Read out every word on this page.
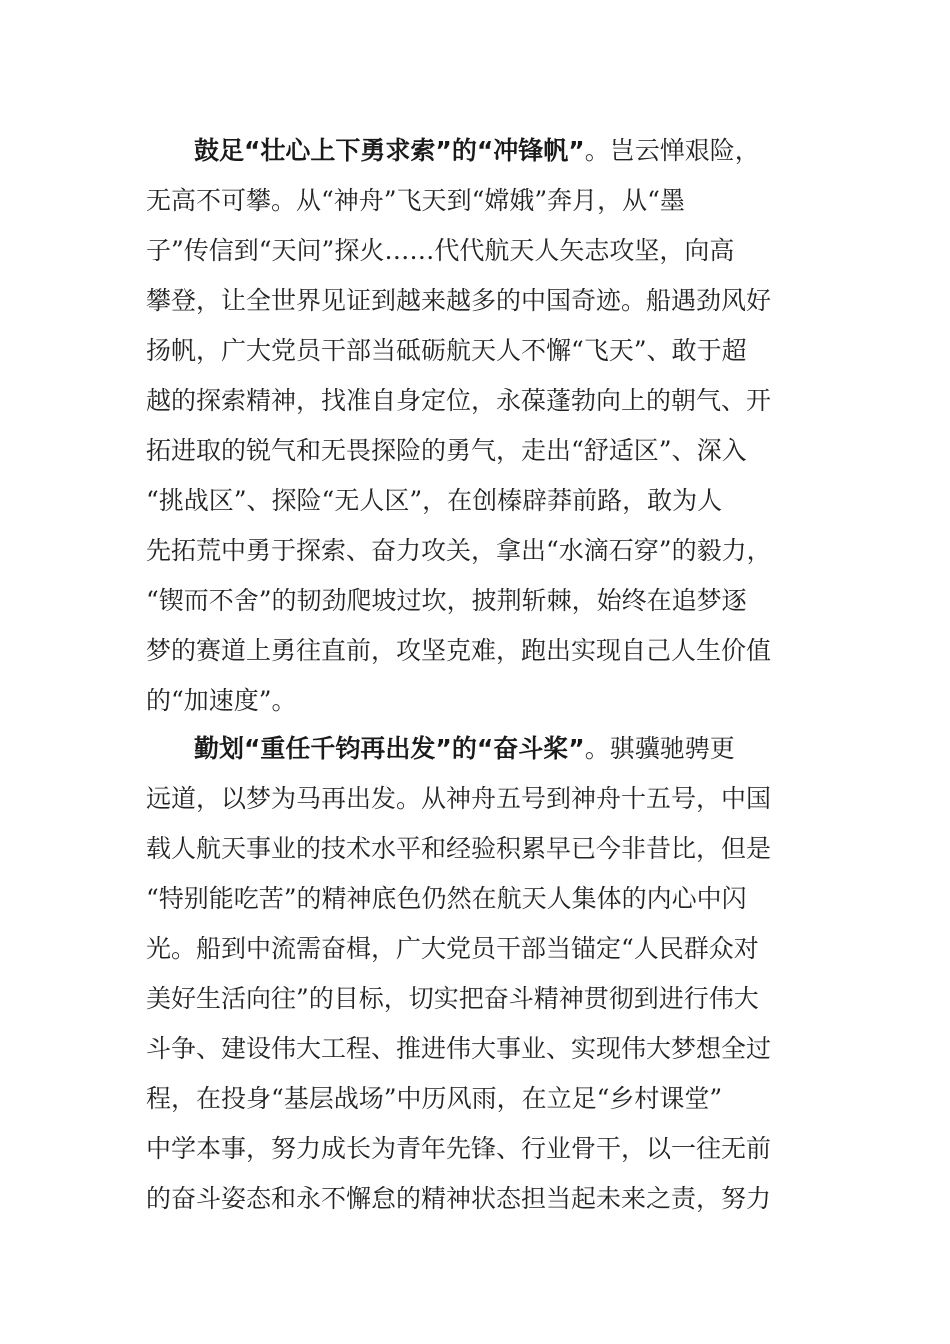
鼓足“壮心上下勇求索”的“冲锋帆”。岂云惮艰险，
无高不可攀。从“神舟”飞天到“嫦娥”奔月，从“墨
子”传信到“天问”探火……代代航天人矢志攻坚，向高
攀登，让全世界见证到越来越多的中国奇迹。船遇劲风好
扬帆，广大党员干部当砥砺航天人不懈“飞天”、敢于超
越的探索精神，找准自身定位，永葆蓬勃向上的朝气、开
拓进取的锐气和无畏探险的勇气，走出“舒适区”、深入
“挑战区”、探险“无人区”，在创榛辟莽前路，敢为人
先拓荒中勇于探索、奋力攻关，拿出“水滴石穿”的毅力，
“锲而不舍”的韧劲爬坡过坎，披荆斩棘，始终在追梦逐
梦的赛道上勇往直前，攻坚克难，跑出实现自己人生价值
的“加速度”。
勤划“重任千钧再出发”的“奋斗桨”。骐骥驰骋更
远道，以梦为马再出发。从神舟五号到神舟十五号，中国
载人航天事业的技术水平和经验积累早已今非昔比，但是
“特别能吃苦”的精神底色仍然在航天人集体的内心中闪
光。船到中流需奋楫，广大党员干部当锚定“人民群众对
美好生活向往”的目标，切实把奋斗精神贯彻到进行伟大
斗争、建设伟大工程、推进伟大事业、实现伟大梦想全过
程，在投身“基层战场”中历风雨，在立足“乡村课堂”
中学本事，努力成长为青年先锋、行业骨干，以一往无前
的奋斗姿态和永不懈怠的精神状态担当起未来之责，努力
